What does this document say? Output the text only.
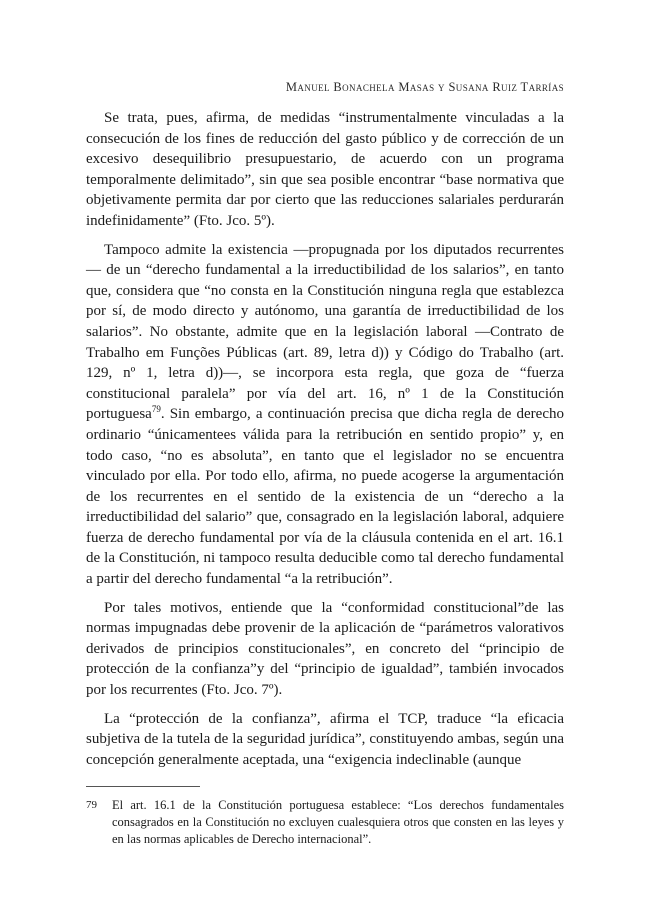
Manuel Bonachela Masas y Susana Ruiz Tarrías

Se trata, pues, afirma, de medidas “instrumentalmente vinculadas a la consecución de los fines de reducción del gasto público y de corrección de un excesivo desequilibrio presupuestario, de acuerdo con un programa temporalmente delimitado”, sin que sea posible encontrar “base normativa que objetivamente permita dar por cierto que las reducciones salariales perdurarán indefinidamente” (Fto. Jco. 5º).

Tampoco admite la existencia —propugnada por los diputados recurrentes— de un “derecho fundamental a la irreductibilidad de los salarios”, en tanto que, considera que “no consta en la Constitución ninguna regla que establezca por sí, de modo directo y autónomo, una garantía de irreductibilidad de los salarios”. No obstante, admite que en la legislación laboral —Contrato de Trabalho em Funções Públicas (art. 89, letra d)) y Código do Trabalho (art. 129, nº 1, letra d))—, se incorpora esta regla, que goza de “fuerza constitucional paralela” por vía del art. 16, nº 1 de la Constitución portuguesa$^{79}$. Sin embargo, a continuación precisa que dicha regla de derecho ordinario “únicamentees válida para la retribución en sentido propio” y, en todo caso, “no es absoluta”, en tanto que el legislador no se encuentra vinculado por ella. Por todo ello, afirma, no puede acogerse la argumentación de los recurrentes en el sentido de la existencia de un “derecho a la irreductibilidad del salario” que, consagrado en la legislación laboral, adquiere fuerza de derecho fundamental por vía de la cláusula contenida en el art. 16.1 de la Constitución, ni tampoco resulta deducible como tal derecho fundamental a partir del derecho fundamental “a la retribución”.

Por tales motivos, entiende que la “conformidad constitucional”de las normas impugnadas debe provenir de la aplicación de “parámetros valorativos derivados de principios constitucionales”, en concreto del “principio de protección de la confianza”y del “principio de igualdad”, también invocados por los recurrentes (Fto. Jco. 7º).

La “protección de la confianza”, afirma el TCP, traduce “la eficacia subjetiva de la tutela de la seguridad jurídica”, constituyendo ambas, según una concepción generalmente aceptada, una “exigencia indeclinable (aunque

79 El art. 16.1 de la Constitución portuguesa establece: “Los derechos fundamentales consagrados en la Constitución no excluyen cualesquiera otros que consten en las leyes y en las normas aplicables de Derecho internacional”.
